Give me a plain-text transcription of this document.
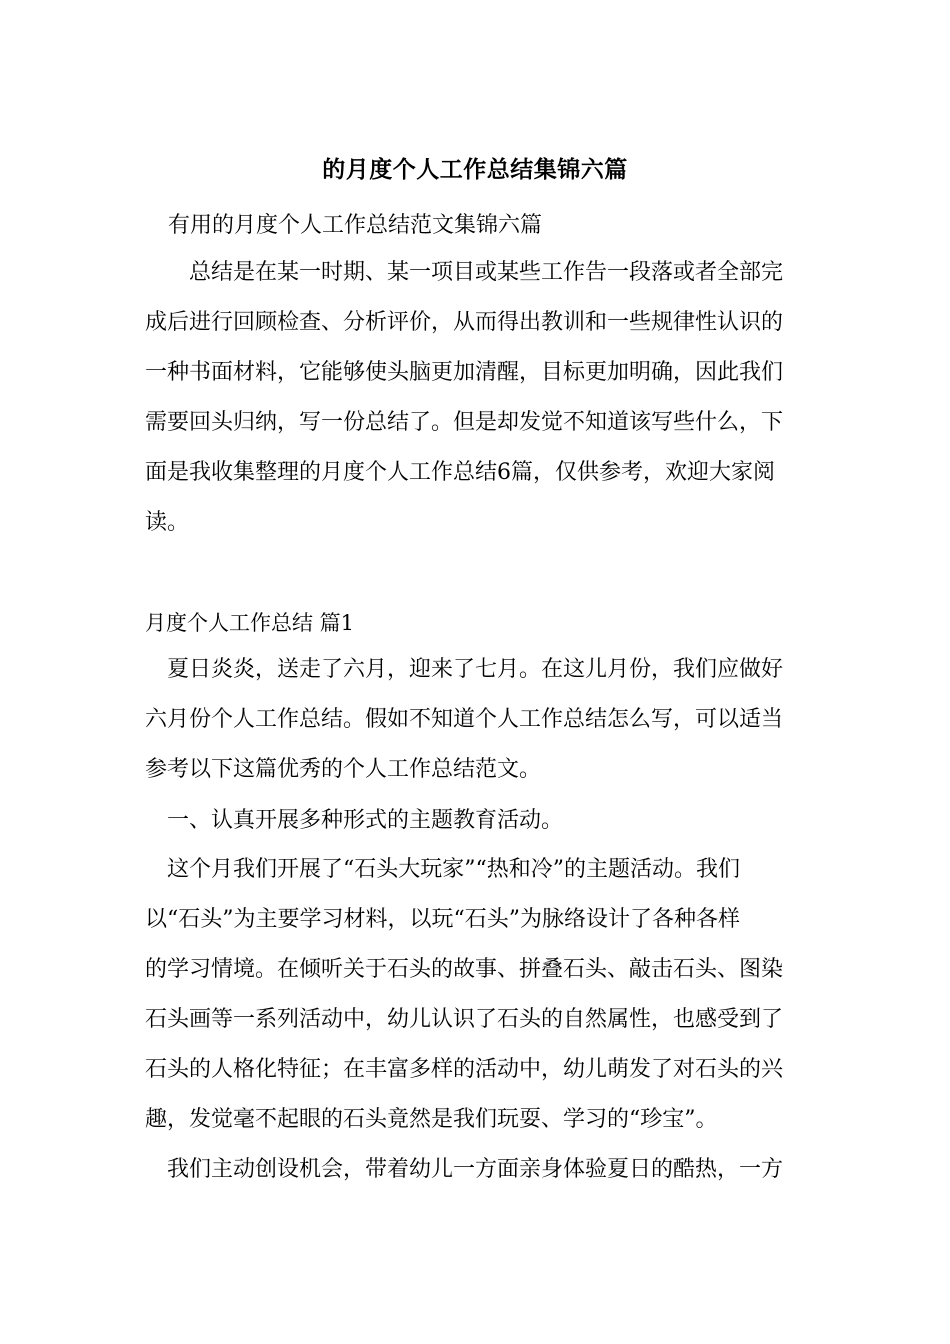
的月度个人工作总结集锦六篇
有用的月度个人工作总结范文集锦六篇
　　总结是在某一时期、某一项目或某些工作告一段落或者全部完
成后进行回顾检查、分析评价，从而得出教训和一些规律性认识的
一种书面材料，它能够使头脑更加清醒，目标更加明确，因此我们
需要回头归纳，写一份总结了。但是却发觉不知道该写些什么，下
面是我收集整理的月度个人工作总结6篇，仅供参考，欢迎大家阅
读。
月度个人工作总结 篇1
　夏日炎炎，送走了六月，迎来了七月。在这儿月份，我们应做好
六月份个人工作总结。假如不知道个人工作总结怎么写，可以适当
参考以下这篇优秀的个人工作总结范文。
　一、认真开展多种形式的主题教育活动。
　这个月我们开展了“石头大玩家”“热和冷”的主题活动。我们
以“石头”为主要学习材料，以玩“石头”为脉络设计了各种各样
的学习情境。在倾听关于石头的故事、拼叠石头、敲击石头、图染
石头画等一系列活动中，幼儿认识了石头的自然属性，也感受到了
石头的人格化特征；在丰富多样的活动中，幼儿萌发了对石头的兴
趣，发觉毫不起眼的石头竟然是我们玩耍、学习的“珍宝”。
　我们主动创设机会，带着幼儿一方面亲身体验夏日的酷热，一方
